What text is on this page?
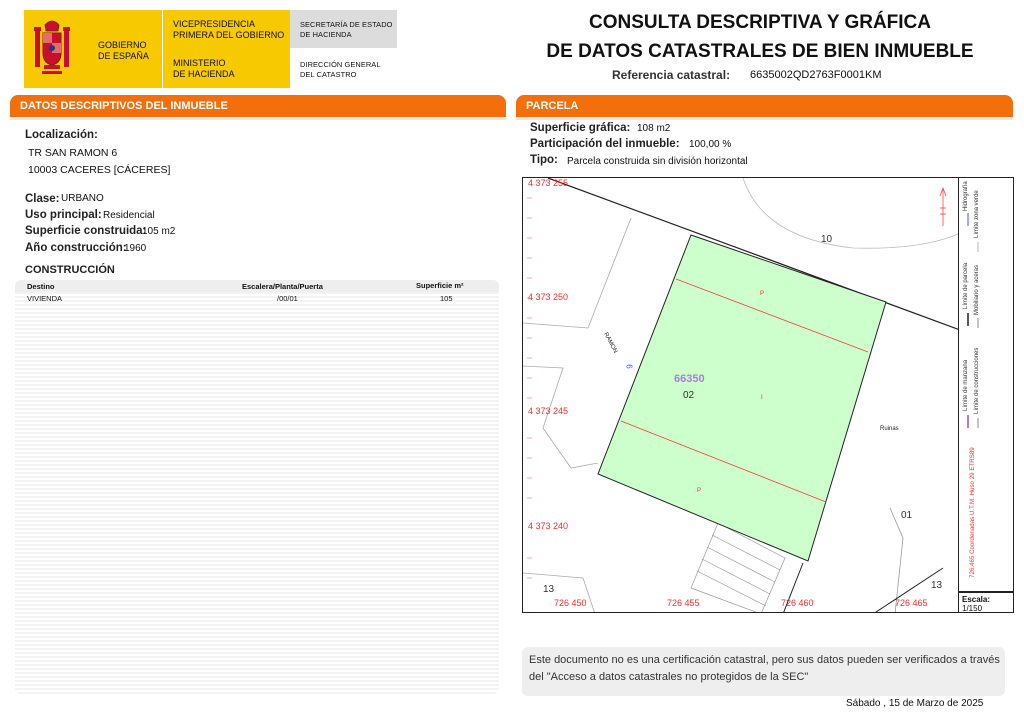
GOBIERNO
DE ESPAÑA
VICEPRESIDENCIA
PRIMERA DEL GOBIERNO
MINISTERIO
DE HACIENDA
SECRETARÍA DE ESTADO
DE HACIENDA
DIRECCIÓN GENERAL
DEL CATASTRO
CONSULTA DESCRIPTIVA Y GRÁFICA
DE DATOS CATASTRALES DE BIEN INMUEBLE
Referencia catastral: 6635002QD2763F0001KM
DATOS DESCRIPTIVOS DEL INMUEBLE
Localización:
TR SAN RAMON 6
10003 CACERES [CÁCERES]
Clase: URBANO
Uso principal: Residencial
Superficie construida:
105 m2
Año construcción:
1960
CONSTRUCCIÓN
Destino	Escalera/Planta/Puerta	Superficie m²
VIVIENDA	/00/01	105
PARCELA
Superficie gráfica: 108 m2
Participación del inmueble: 100,00 %
Tipo: Parcela construida sin división horizontal
4 373 255
4 373 250
4 373 245
4 373 240
726 450	726 455	726 460	726 465
66350
02
RAMON
6
10
01
13	13
Ruinas
P
P
I
Límite de parcela
Hidrografía Límite zona verde
Mobiliario y aceras
Límite de manzana Límite de construcciones
726.465 Coordenadas U.T.M. Huso 29 ETRS89
Escala:
1/150
Este documento no es una certificación catastral, pero sus datos pueden ser verificados a través del "Acceso a datos catastrales no protegidos de la SEC"
Sábado , 15 de Marzo de 2025
